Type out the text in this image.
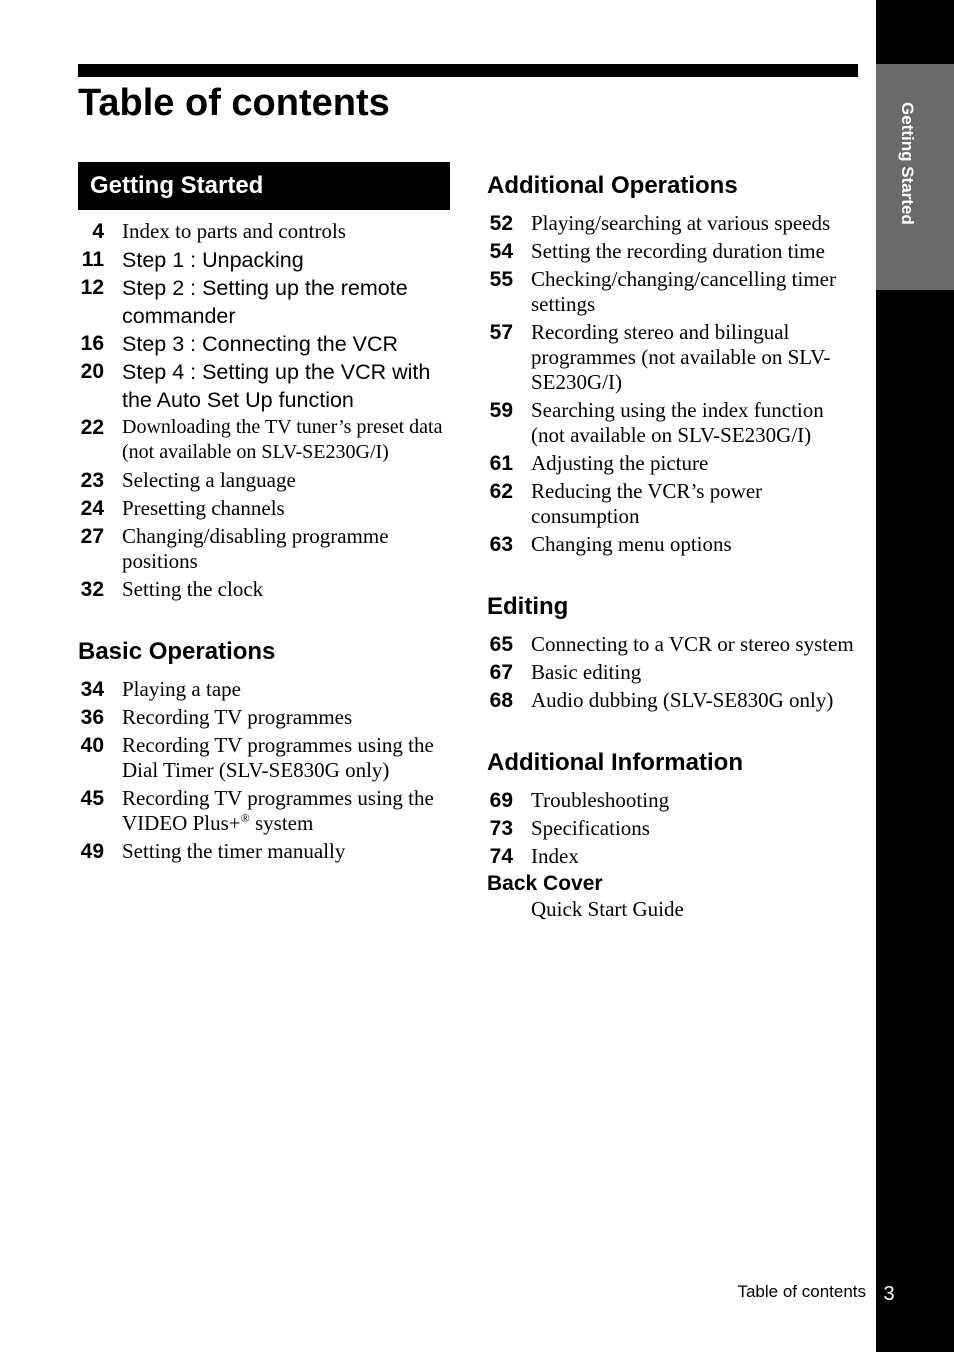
Getting Started
Table of contents
Getting Started
4 Index to parts and controls
11 Step 1 : Unpacking
12 Step 2 : Setting up the remote commander
16 Step 3 : Connecting the VCR
20 Step 4 : Setting up the VCR with the Auto Set Up function
22 Downloading the TV tuner’s preset data (not available on SLV-SE230G/I)
23 Selecting a language
24 Presetting channels
27 Changing/disabling programme positions
32 Setting the clock
Basic Operations
34 Playing a tape
36 Recording TV programmes
40 Recording TV programmes using the Dial Timer (SLV-SE830G only)
45 Recording TV programmes using the VIDEO Plus+® system
49 Setting the timer manually
Additional Operations
52 Playing/searching at various speeds
54 Setting the recording duration time
55 Checking/changing/cancelling timer settings
57 Recording stereo and bilingual programmes (not available on SLV-SE230G/I)
59 Searching using the index function (not available on SLV-SE230G/I)
61 Adjusting the picture
62 Reducing the VCR’s power consumption
63 Changing menu options
Editing
65 Connecting to a VCR or stereo system
67 Basic editing
68 Audio dubbing (SLV-SE830G only)
Additional Information
69 Troubleshooting
73 Specifications
74 Index
Back Cover
Quick Start Guide
Table of contents 3
